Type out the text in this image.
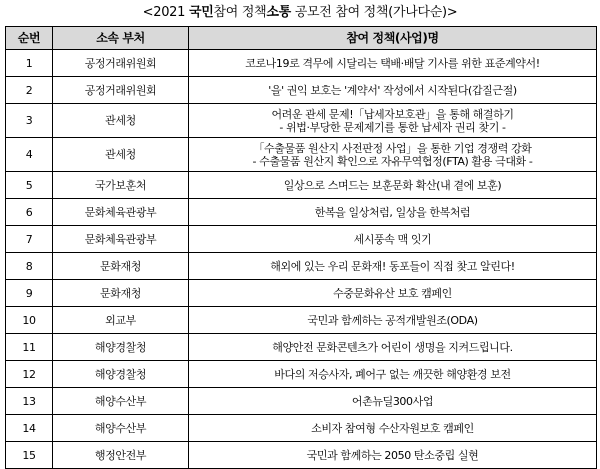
<2021 국민참여 정책소통 공모전 참여 정책(가나다순)>
순번	소속 부처	참여 정책(사업)명
1	공정거래위원회	코로나19로 격무에 시달리는 택배·배달 기사를 위한 표준계약서!

2	공정거래위원회	'을' 권익 보호는 '계약서' 작성에서 시작된다(갑질근절)

3	관세청	어려운 관세 문제!「납세자보호관」을 통해 해결하기
- 위법·부당한 문제제기를 통한 납세자 권리 찾기 -

4	관세청	「수출물품 원산지 사전판정 사업」을 통한 기업 경쟁력 강화
- 수출물품 원산지 확인으로 자유무역협정(FTA) 활용 극대화 -

5	국가보훈처	일상으로 스며드는 보훈문화 확산(내 곁에 보훈)

6	문화체육관광부	한복을 일상처럼, 일상을 한복처럼

7	문화체육관광부	세시풍속 맥 잇기

8	문화재청	해외에 있는 우리 문화재! 동포들이 직접 찾고 알린다!

9	문화재청	수중문화유산 보호 캠페인

10	외교부	국민과 함께하는 공적개발원조(ODA)

11	해양경찰청	해양안전 문화콘텐츠가 어린이 생명을 지켜드립니다.

12	해양경찰청	바다의 저승사자, 폐어구 없는 깨끗한 해양환경 보전

13	해양수산부	어촌뉴딜300사업

14	해양수산부	소비자 참여형 수산자원보호 캠페인

15	행정안전부	국민과 함께하는 2050 탄소중립 실현
